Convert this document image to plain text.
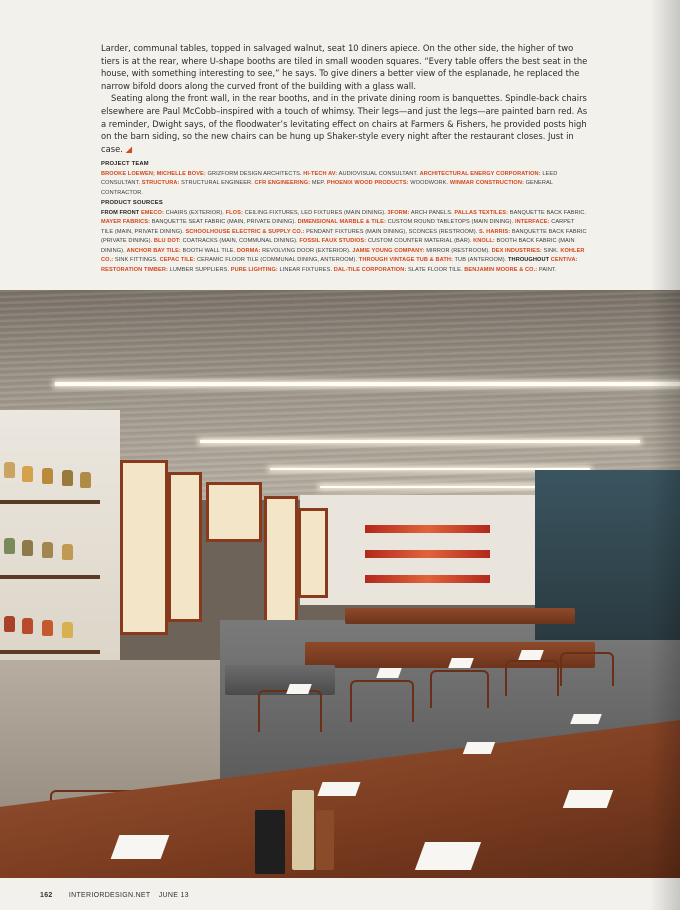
Larder, communal tables, topped in salvaged walnut, seat 10 diners apiece. On the other side, the higher of two tiers is at the rear, where U-shape booths are tiled in small wooden squares. “Every table offers the best seat in the house, with something interesting to see,” he says. To give diners a better view of the esplanade, he replaced the narrow bifold doors along the curved front of the building with a glass wall.

Seating along the front wall, in the rear booths, and in the private dining room is banquettes. Spindle-back chairs elsewhere are Paul McCobb–inspired with a touch of whimsy. Their legs—and just the legs—are painted barn red. As a reminder, Dwight says, of the floodwater’s levitating effect on chairs at Farmers & Fishers, he provided posts high on the barn siding, so the new chairs can be hung up Shaker-style every night after the restaurant closes. Just in case. ◢

PROJECT TEAM

BROOKE LOEWEN; MICHELLE BOVE: GRIZFORM DESIGN ARCHITECTS. HI-TECH AV: AUDIOVISUAL CONSULTANT. ARCHITECTURAL ENERGY CORPORATION: LEED CONSULTANT. STRUCTURA: STRUCTURAL ENGINEER. CFR ENGINEERING: MEP. PHOENIX WOOD PRODUCTS: WOODWORK. WINMAR CONSTRUCTION: GENERAL CONTRACTOR.

PRODUCT SOURCES

FROM FRONT EMECO: CHAIRS (EXTERIOR). FLOS: CEILING FIXTURES, LED FIXTURES (MAIN DINING). 3FORM: ARCH PANELS. PALLAS TEXTILES: BANQUETTE BACK FABRIC. MAYER FABRICS: BANQUETTE SEAT FABRIC (MAIN, PRIVATE DINING). DIMENSIONAL MARBLE & TILE: CUSTOM ROUND TABLETOPS (MAIN DINING). INTERFACE: CARPET TILE (MAIN, PRIVATE DINING). SCHOOLHOUSE ELECTRIC & SUPPLY CO.: PENDANT FIXTURES (MAIN DINING), SCONCES (RESTROOM). S. HARRIS: BANQUETTE BACK FABRIC (PRIVATE DINING). BLU DOT: COATRACKS (MAIN, COMMUNAL DINING). FOSSIL FAUX STUDIOS: CUSTOM COUNTER MATERIAL (BAR). KNOLL: BOOTH BACK FABRIC (MAIN DINING). ANCHOR BAY TILE: BOOTH WALL TILE. DORMA: REVOLVING DOOR (EXTERIOR). JAMIE YOUNG COMPANY: MIRROR (RESTROOM). DEX INDUSTRIES: SINK. KOHLER CO.: SINK FITTINGS. CEPAC TILE: CERAMIC FLOOR TILE (COMMUNAL DINING, ANTEROOM). THROUGH VINTAGE TUB & BATH: TUB (ANTEROOM). THROUGHOUT CENTIVA: RESTORATION TIMBER: LUMBER SUPPLIERS. PURE LIGHTING: LINEAR FIXTURES. DAL-TILE CORPORATION: SLATE FLOOR TILE. BENJAMIN MOORE & CO.: PAINT.

162 INTERIORDESIGN.NET JUNE 13
